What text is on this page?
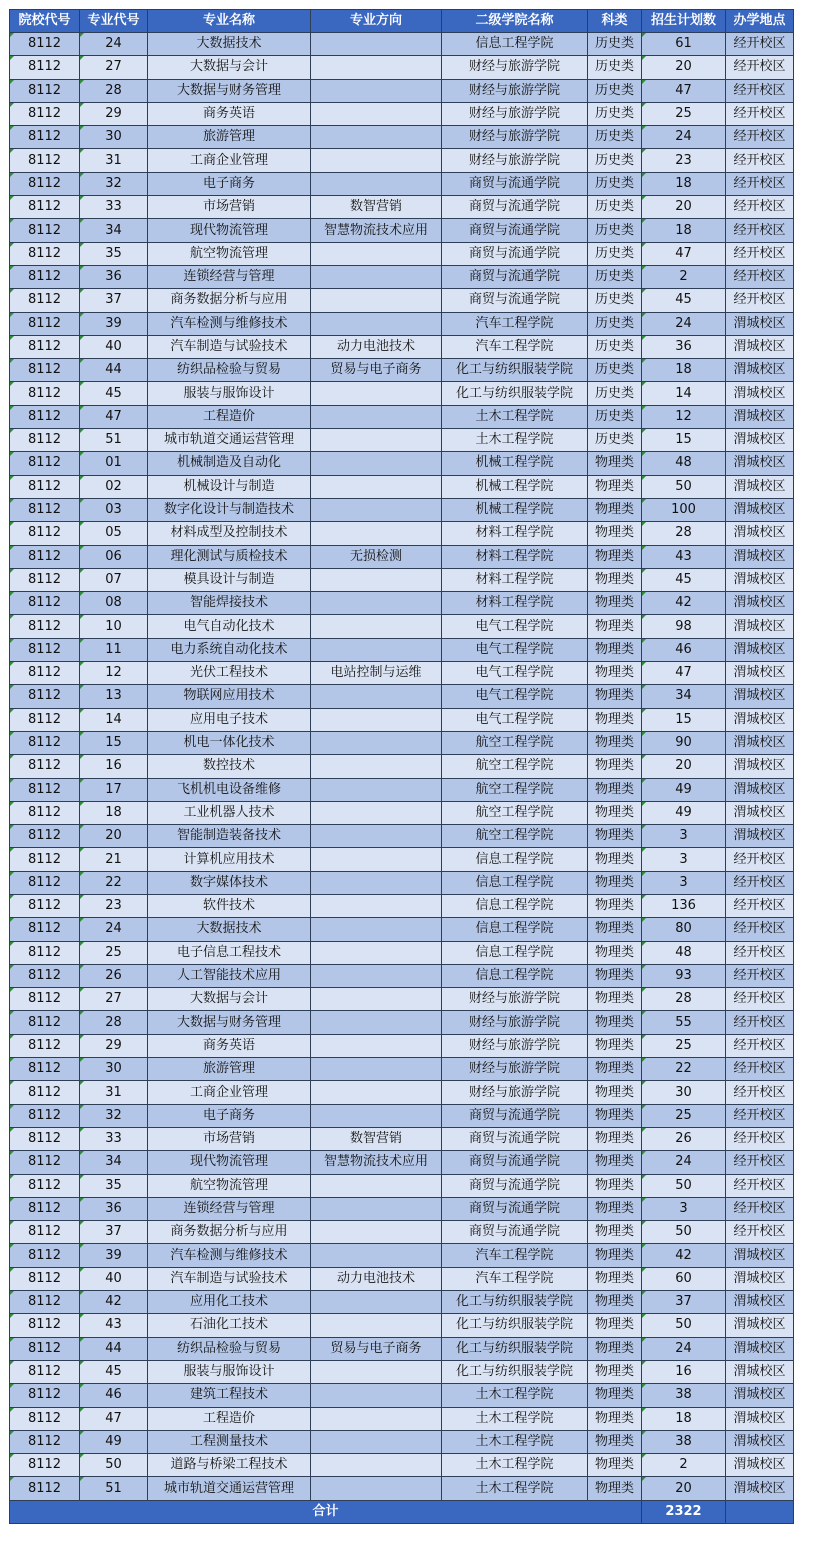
院校代号	专业代号	专业名称	专业方向	二级学院名称	科类	招生计划数	办学地点
8112	24	大数据技术		信息工程学院	历史类	61	经开校区
8112	27	大数据与会计		财经与旅游学院	历史类	20	经开校区
8112	28	大数据与财务管理		财经与旅游学院	历史类	47	经开校区
8112	29	商务英语		财经与旅游学院	历史类	25	经开校区
8112	30	旅游管理		财经与旅游学院	历史类	24	经开校区
8112	31	工商企业管理		财经与旅游学院	历史类	23	经开校区
8112	32	电子商务		商贸与流通学院	历史类	18	经开校区
8112	33	市场营销	数智营销	商贸与流通学院	历史类	20	经开校区
8112	34	现代物流管理	智慧物流技术应用	商贸与流通学院	历史类	18	经开校区
8112	35	航空物流管理		商贸与流通学院	历史类	47	经开校区
8112	36	连锁经营与管理		商贸与流通学院	历史类	2	经开校区
8112	37	商务数据分析与应用		商贸与流通学院	历史类	45	经开校区
8112	39	汽车检测与维修技术		汽车工程学院	历史类	24	渭城校区
8112	40	汽车制造与试验技术	动力电池技术	汽车工程学院	历史类	36	渭城校区
8112	44	纺织品检验与贸易	贸易与电子商务	化工与纺织服装学院	历史类	18	渭城校区
8112	45	服装与服饰设计		化工与纺织服装学院	历史类	14	渭城校区
8112	47	工程造价		土木工程学院	历史类	12	渭城校区
8112	51	城市轨道交通运营管理		土木工程学院	历史类	15	渭城校区
8112	01	机械制造及自动化		机械工程学院	物理类	48	渭城校区
8112	02	机械设计与制造		机械工程学院	物理类	50	渭城校区
8112	03	数字化设计与制造技术		机械工程学院	物理类	100	渭城校区
8112	05	材料成型及控制技术		材料工程学院	物理类	28	渭城校区
8112	06	理化测试与质检技术	无损检测	材料工程学院	物理类	43	渭城校区
8112	07	模具设计与制造		材料工程学院	物理类	45	渭城校区
8112	08	智能焊接技术		材料工程学院	物理类	42	渭城校区
8112	10	电气自动化技术		电气工程学院	物理类	98	渭城校区
8112	11	电力系统自动化技术		电气工程学院	物理类	46	渭城校区
8112	12	光伏工程技术	电站控制与运维	电气工程学院	物理类	47	渭城校区
8112	13	物联网应用技术		电气工程学院	物理类	34	渭城校区
8112	14	应用电子技术		电气工程学院	物理类	15	渭城校区
8112	15	机电一体化技术		航空工程学院	物理类	90	渭城校区
8112	16	数控技术		航空工程学院	物理类	20	渭城校区
8112	17	飞机机电设备维修		航空工程学院	物理类	49	渭城校区
8112	18	工业机器人技术		航空工程学院	物理类	49	渭城校区
8112	20	智能制造装备技术		航空工程学院	物理类	3	渭城校区
8112	21	计算机应用技术		信息工程学院	物理类	3	经开校区
8112	22	数字媒体技术		信息工程学院	物理类	3	经开校区
8112	23	软件技术		信息工程学院	物理类	136	经开校区
8112	24	大数据技术		信息工程学院	物理类	80	经开校区
8112	25	电子信息工程技术		信息工程学院	物理类	48	经开校区
8112	26	人工智能技术应用		信息工程学院	物理类	93	经开校区
8112	27	大数据与会计		财经与旅游学院	物理类	28	经开校区
8112	28	大数据与财务管理		财经与旅游学院	物理类	55	经开校区
8112	29	商务英语		财经与旅游学院	物理类	25	经开校区
8112	30	旅游管理		财经与旅游学院	物理类	22	经开校区
8112	31	工商企业管理		财经与旅游学院	物理类	30	经开校区
8112	32	电子商务		商贸与流通学院	物理类	25	经开校区
8112	33	市场营销	数智营销	商贸与流通学院	物理类	26	经开校区
8112	34	现代物流管理	智慧物流技术应用	商贸与流通学院	物理类	24	经开校区
8112	35	航空物流管理		商贸与流通学院	物理类	50	经开校区
8112	36	连锁经营与管理		商贸与流通学院	物理类	3	经开校区
8112	37	商务数据分析与应用		商贸与流通学院	物理类	50	经开校区
8112	39	汽车检测与维修技术		汽车工程学院	物理类	42	渭城校区
8112	40	汽车制造与试验技术	动力电池技术	汽车工程学院	物理类	60	渭城校区
8112	42	应用化工技术		化工与纺织服装学院	物理类	37	渭城校区
8112	43	石油化工技术		化工与纺织服装学院	物理类	50	渭城校区
8112	44	纺织品检验与贸易	贸易与电子商务	化工与纺织服装学院	物理类	24	渭城校区
8112	45	服装与服饰设计		化工与纺织服装学院	物理类	16	渭城校区
8112	46	建筑工程技术		土木工程学院	物理类	38	渭城校区
8112	47	工程造价		土木工程学院	物理类	18	渭城校区
8112	49	工程测量技术		土木工程学院	物理类	38	渭城校区
8112	50	道路与桥梁工程技术		土木工程学院	物理类	2	渭城校区
8112	51	城市轨道交通运营管理		土木工程学院	物理类	20	渭城校区
合计						2322	
